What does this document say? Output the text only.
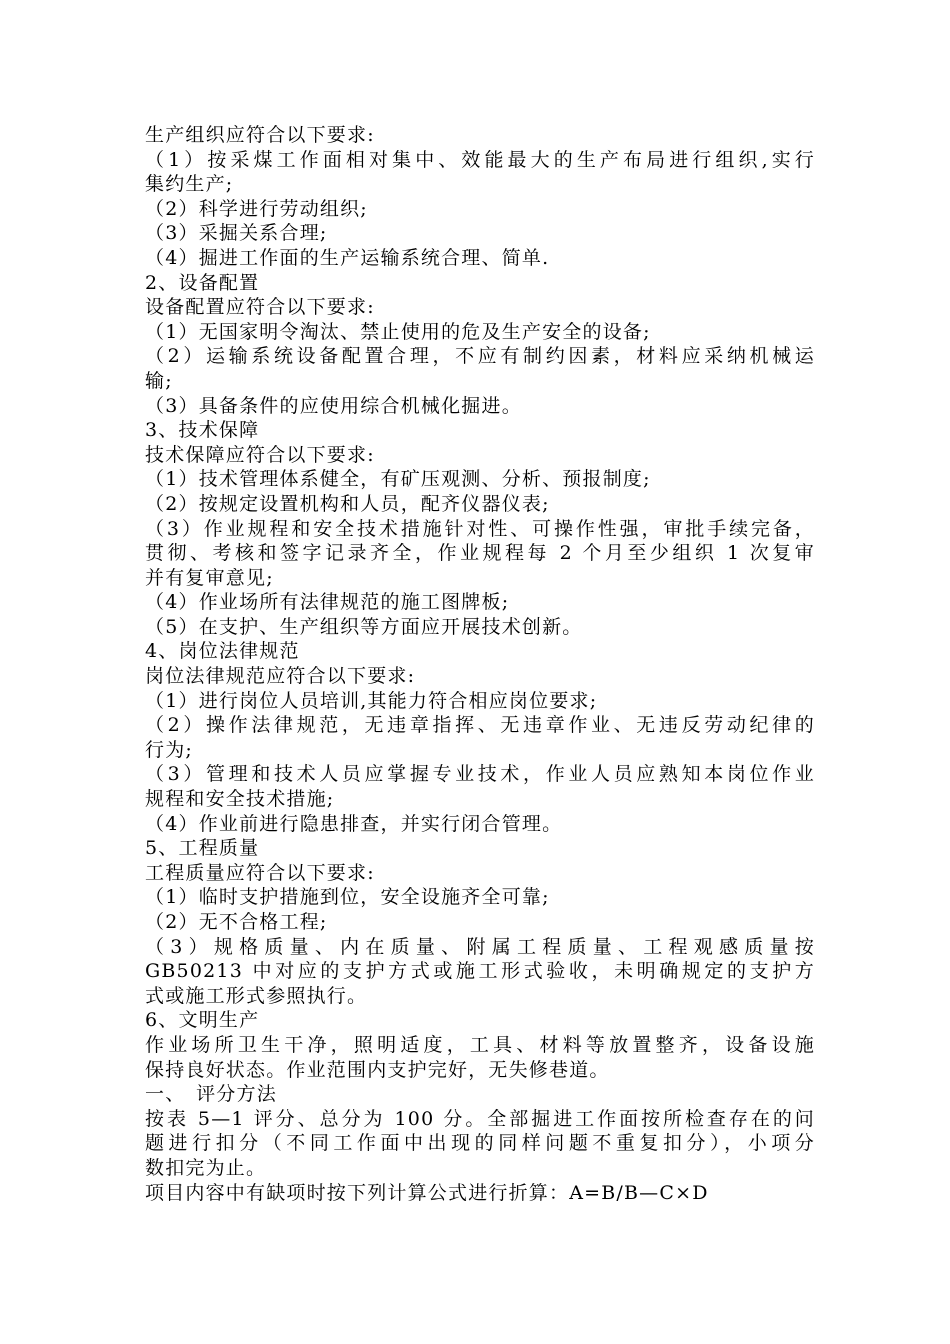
生产组织应符合以下要求:
（1）按采煤工作面相对集中、效能最大的生产布局进行组织,实行
集约生产;
（2）科学进行劳动组织;
（3）采掘关系合理;
（4）掘进工作面的生产运输系统合理、简单.
2、设备配置
设备配置应符合以下要求:
（1）无国家明令淘汰、禁止使用的危及生产安全的设备;
（2）运输系统设备配置合理，不应有制约因素，材料应采纳机械运
输;
（3）具备条件的应使用综合机械化掘进。
3、技术保障
技术保障应符合以下要求:
（1）技术管理体系健全，有矿压观测、分析、预报制度;
（2）按规定设置机构和人员，配齐仪器仪表;
（3）作业规程和安全技术措施针对性、可操作性强，审批手续完备，
贯彻、考核和签字记录齐全，作业规程每 2 个月至少组织 1 次复审
并有复审意见;
（4）作业场所有法律规范的施工图牌板;
（5）在支护、生产组织等方面应开展技术创新。
4、岗位法律规范
岗位法律规范应符合以下要求:
（1）进行岗位人员培训,其能力符合相应岗位要求;
（2）操作法律规范，无违章指挥、无违章作业、无违反劳动纪律的
行为;
（3）管理和技术人员应掌握专业技术，作业人员应熟知本岗位作业
规程和安全技术措施;
（4）作业前进行隐患排查，并实行闭合管理。
5、工程质量
工程质量应符合以下要求:
（1）临时支护措施到位，安全设施齐全可靠;
（2）无不合格工程;
（3）规格质量、内在质量、附属工程质量、工程观感质量按
GB50213 中对应的支护方式或施工形式验收，未明确规定的支护方
式或施工形式参照执行。
6、文明生产
作业场所卫生干净，照明适度，工具、材料等放置整齐，设备设施
保持良好状态。作业范围内支护完好，无失修巷道。
一、　评分方法
按表 5—1 评分、总分为 100 分。全部掘进工作面按所检查存在的问
题进行扣分（不同工作面中出现的同样问题不重复扣分），小项分
数扣完为止。
项目内容中有缺项时按下列计算公式进行折算：A=B/B—C×D
